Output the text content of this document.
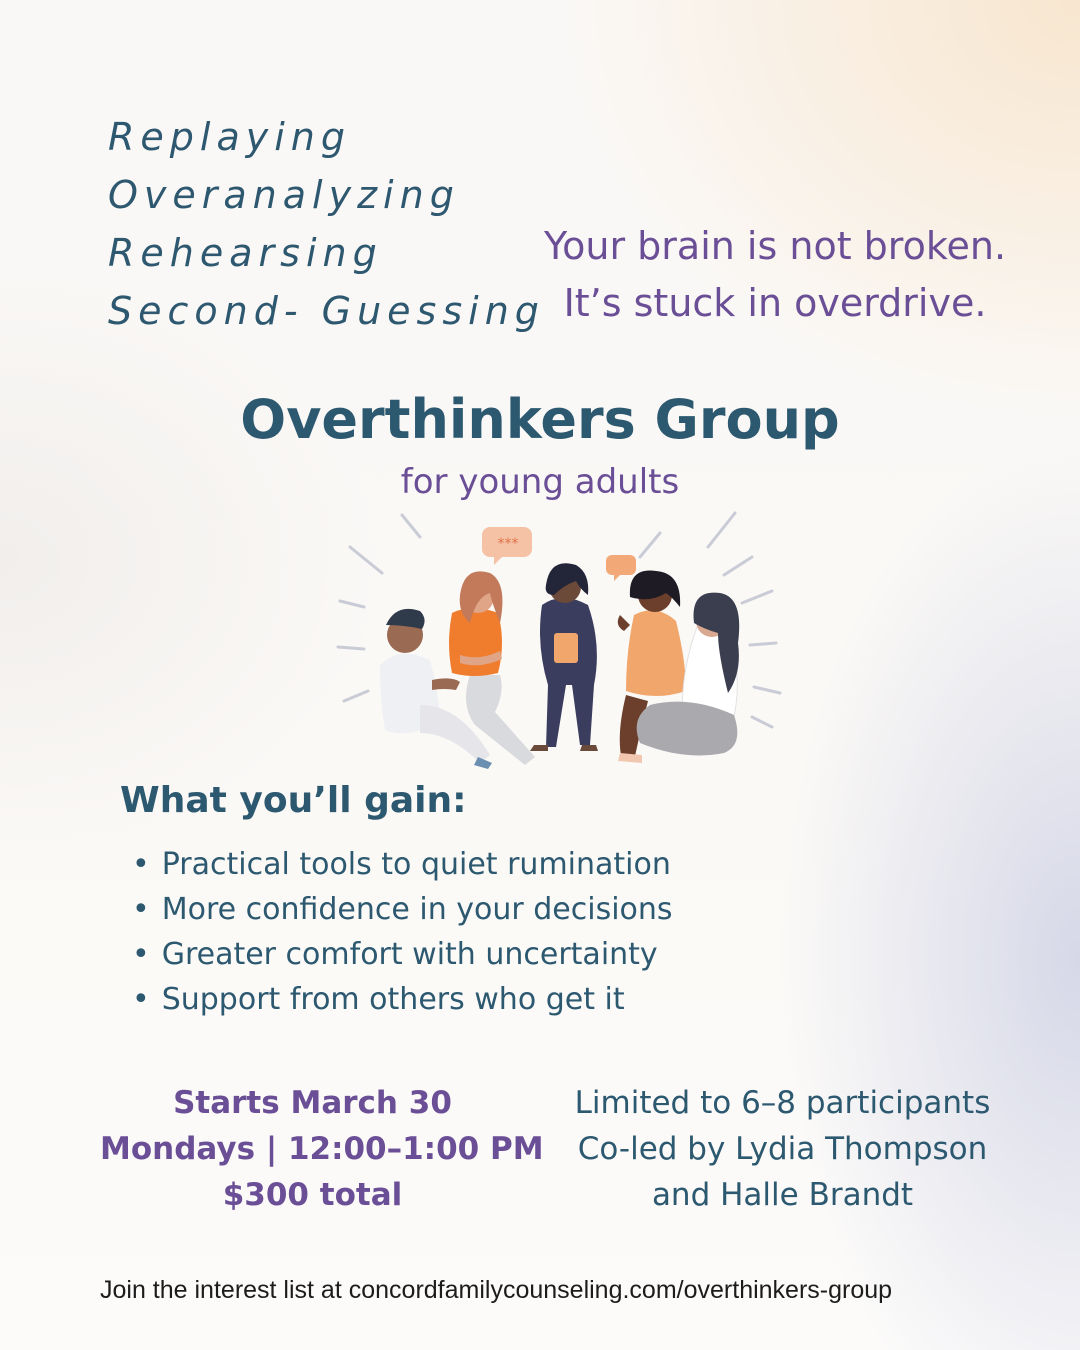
Replaying
Overanalyzing
Rehearsing
Second- Guessing
Your brain is not broken.
It’s stuck in overdrive.
Overthinkers Group
for young adults
***
What you’ll gain:
• Practical tools to quiet rumination
• More confidence in your decisions
• Greater comfort with uncertainty
• Support from others who get it
Starts March 30
Mondays | 12:00–1:00 PM
$300 total
Limited to 6–8 participants
Co-led by Lydia Thompson
and Halle Brandt
Join the interest list at concordfamilycounseling.com/overthinkers-group
